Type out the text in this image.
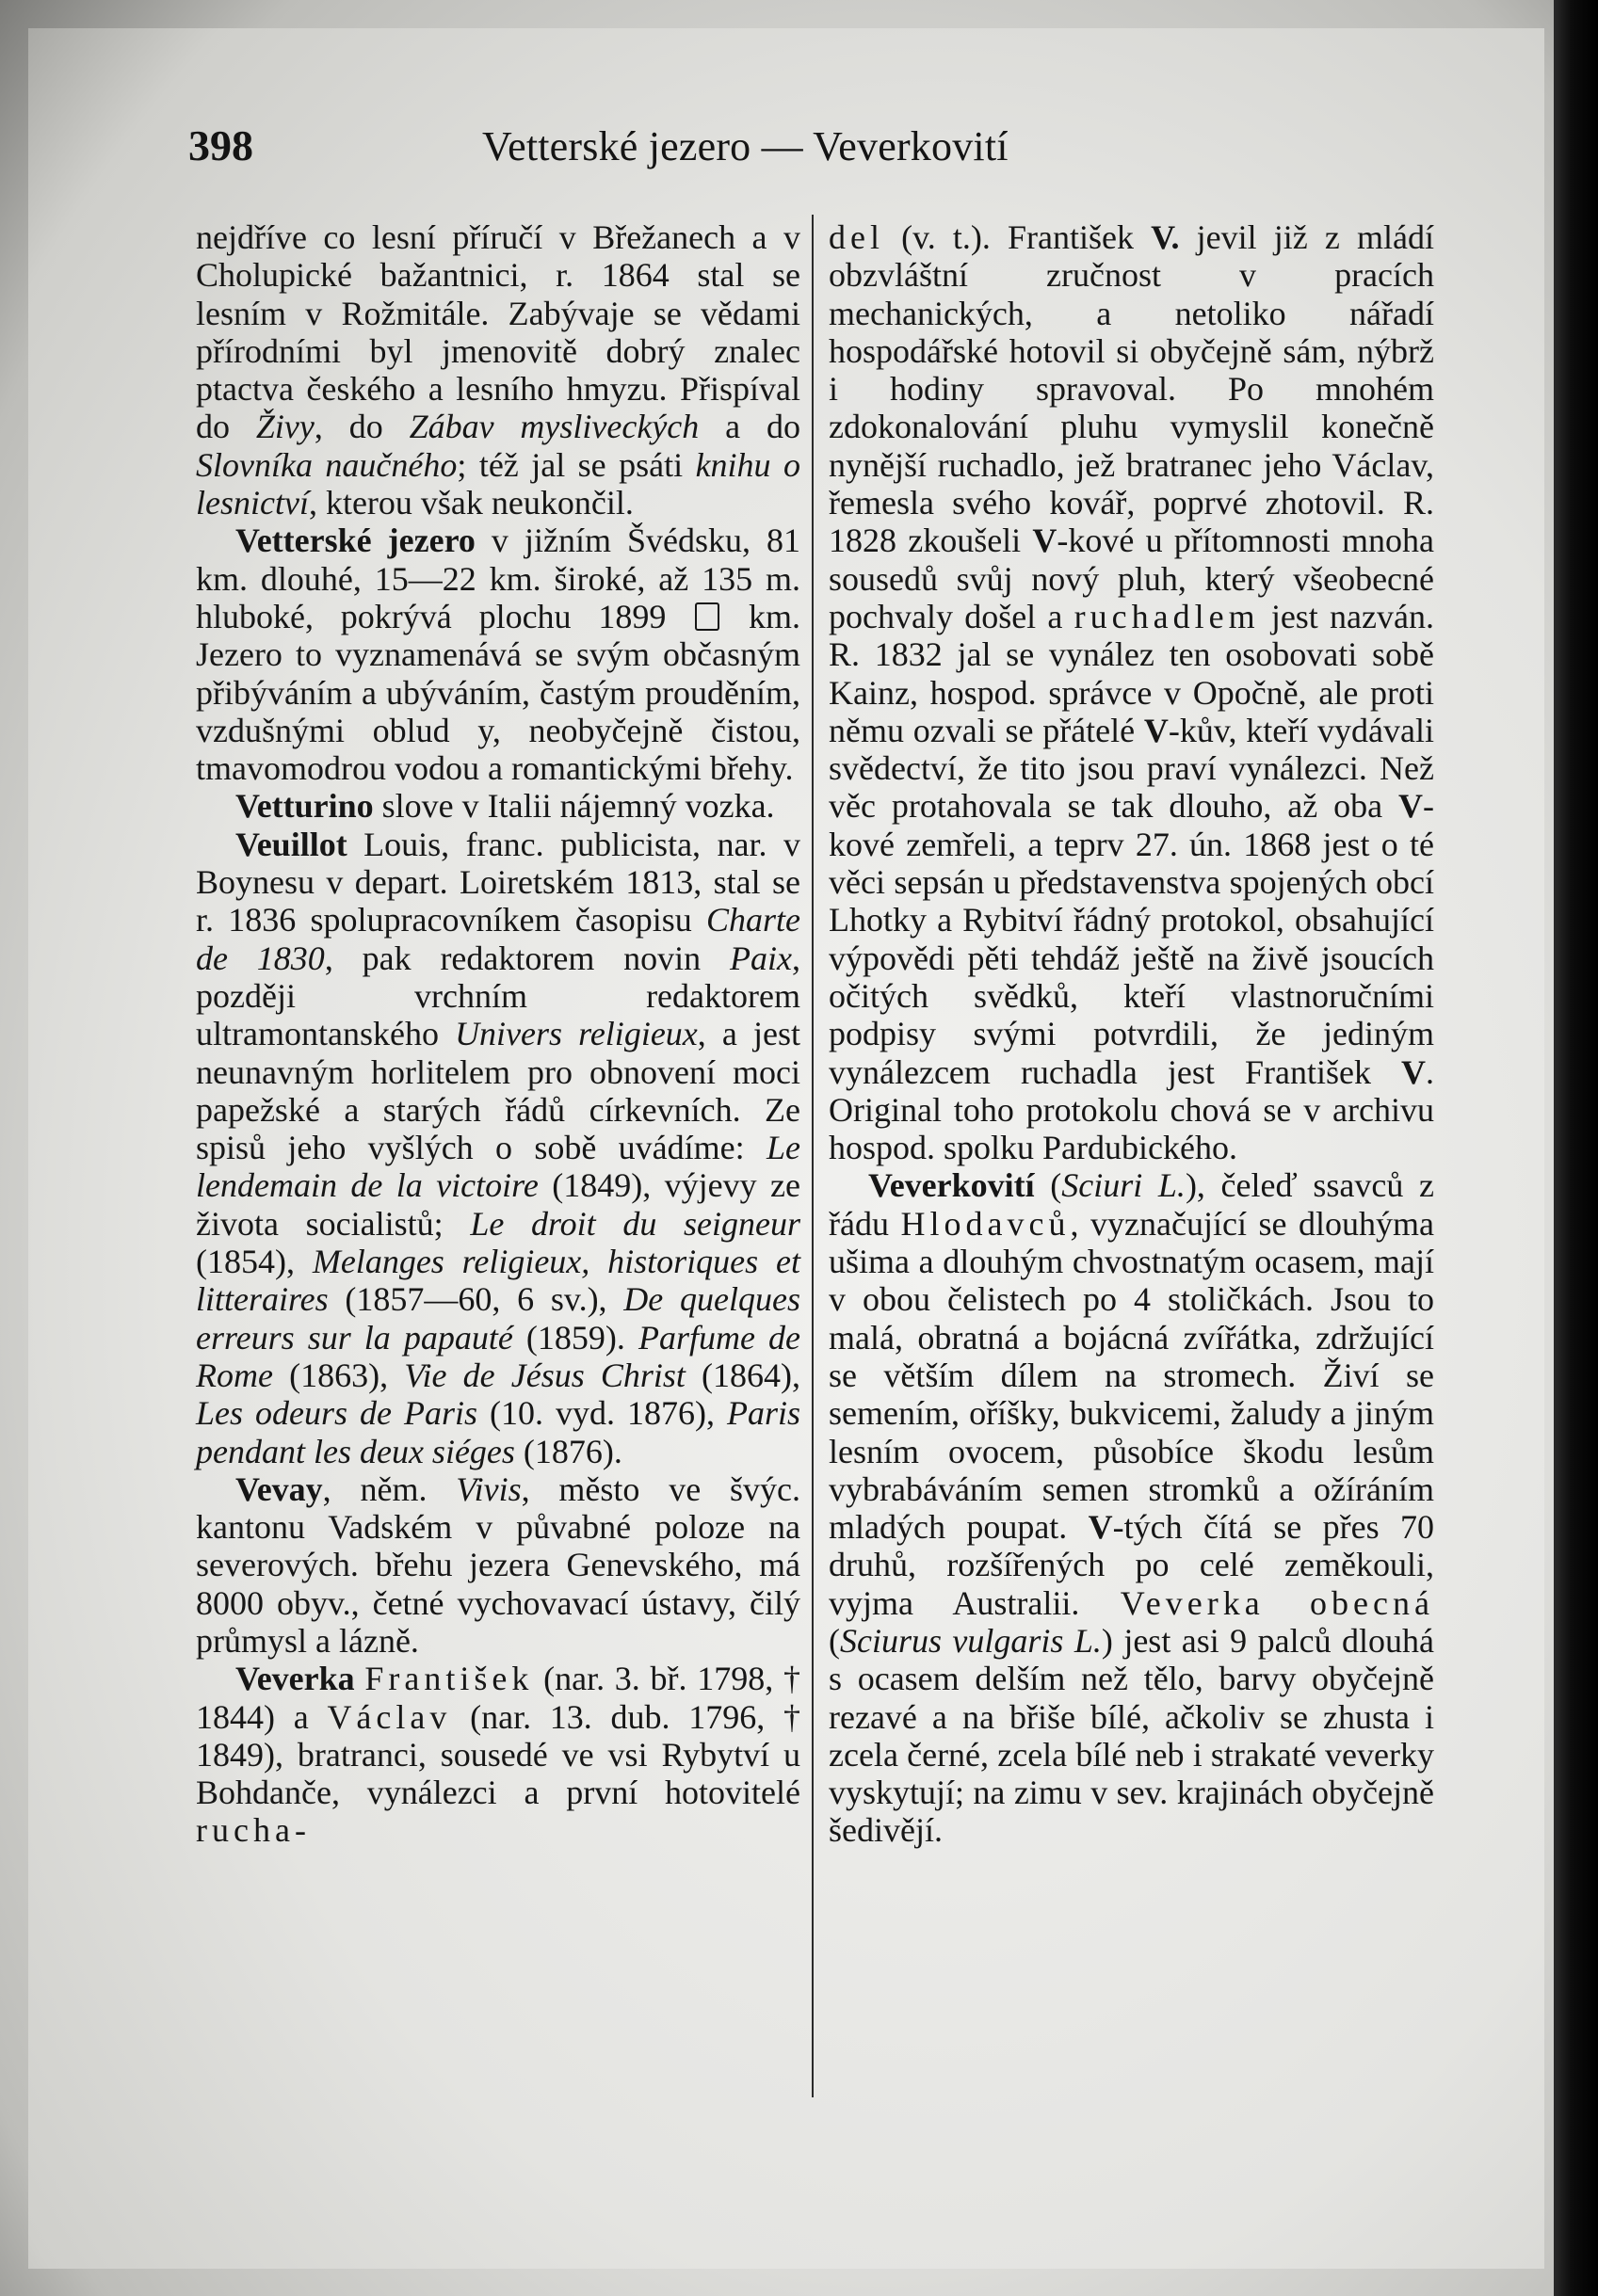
398	Vetterské jezero — Veverkovití

nejdříve co lesní příručí v Břežanech a v Cholupické bažantnici, r. 1864 stal se lesním v Rožmitále. Zabývaje se vědami přírodními byl jmenovitě dobrý znalec ptactva českého a lesního hmyzu. Přispíval do Živy, do Zábav mysliveckých a do Slovníka naučného; též jal se psáti knihu o lesnictví, kterou však neukončil.

Vetterské jezero v jižním Švédsku, 81 km. dlouhé, 15—22 km. široké, až 135 m. hluboké, pokrývá plochu 1899 km. Jezero to vyznamenává se svým občasným přibýváním a ubýváním, častým prouděním, vzdušnými oblud y, neobyčejně čistou, tmavomodrou vodou a romantickými břehy.

Vetturino slove v Italii nájemný vozka.

Veuillot Louis, franc. publicista, nar. v Boynesu v depart. Loiretském 1813, stal se r. 1836 spolupracovníkem časopisu Charte de 1830, pak redaktorem novin Paix, později vrchním redaktorem ultramontanského Univers religieux, a jest neunavným horlitelem pro obnovení moci papežské a starých řádů církevních. Ze spisů jeho vyšlých o sobě uvádíme: Le lendemain de la victoire (1849), výjevy ze života socialistů; Le droit du seigneur (1854), Melanges religieux, historiques et litteraires (1857—60, 6 sv.), De quelques erreurs sur la papauté (1859). Parfume de Rome (1863), Vie de Jésus Christ (1864), Les odeurs de Paris (10. vyd. 1876), Paris pendant les deux siéges (1876).

Vevay, něm. Vivis, město ve švýc. kantonu Vadském v půvabné poloze na severových. břehu jezera Genevského, má 8000 obyv., četné vychovavací ústavy, čilý průmysl a lázně.

Veverka František (nar. 3. bř. 1798, † 1844) a Václav (nar. 13. dub. 1796, † 1849), bratranci, sousedé ve vsi Rybytví u Bohdanče, vynálezci a první hotovitelé rucha-

del (v. t.). František V. jevil již z mládí obzvláštní zručnost v pracích mechanických, a netoliko nářadí hospodářské hotovil si obyčejně sám, nýbrž i hodiny spravoval. Po mnohém zdokonalování pluhu vymyslil konečně nynější ruchadlo, jež bratranec jeho Václav, řemesla svého kovář, poprvé zhotovil. R. 1828 zkoušeli V-kové u přítomnosti mnoha sousedů svůj nový pluh, který všeobecné pochvaly došel a ruchadlem jest nazván. R. 1832 jal se vynález ten osobovati sobě Kainz, hospod. správce v Opočně, ale proti němu ozvali se přátelé V-kův, kteří vydávali svědectví, že tito jsou praví vynálezci. Než věc protahovala se tak dlouho, až oba V-kové zemřeli, a teprv 27. ún. 1868 jest o té věci sepsán u představenstva spojených obcí Lhotky a Rybitví řádný protokol, obsahující výpovědi pěti tehdáž ještě na živě jsoucích očitých svědků, kteří vlastnoručními podpisy svými potvrdili, že jediným vynálezcem ruchadla jest František V. Original toho protokolu chová se v archivu hospod. spolku Pardubického.

Veverkovití (Sciuri L.), čeleď ssavců z řádu Hlodavců, vyznačující se dlouhýma ušima a dlouhým chvostnatým ocasem, mají v obou čelistech po 4 stoličkách. Jsou to malá, obratná a bojácná zvířátka, zdržující se větším dílem na stromech. Živí se semením, oříšky, bukvicemi, žaludy a jiným lesním ovocem, působíce škodu lesům vybrabáváním semen stromků a ožíráním mladých poupat. V-tých čítá se přes 70 druhů, rozšířených po celé zeměkouli, vyjma Australii. Veverka obecná (Sciurus vulgaris L.) jest asi 9 palců dlouhá s ocasem delším než tělo, barvy obyčejně rezavé a na břiše bílé, ačkoliv se zhusta i zcela černé, zcela bílé neb i strakaté veverky vyskytují; na zimu v sev. krajinách obyčejně šedivějí.
